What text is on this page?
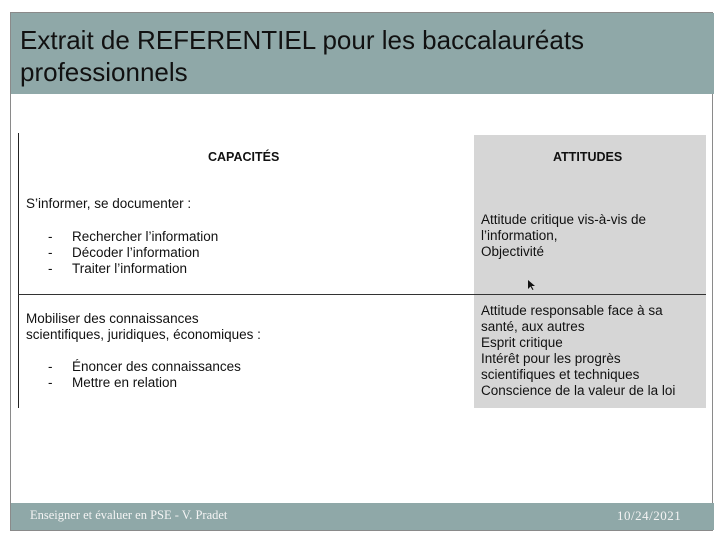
Extrait de REFERENTIEL pour les baccalauréats professionnels
CAPACITÉS	ATTITUDES
S’informer, se documenter :
- Rechercher l’information
- Décoder l’information
- Traiter l’information
Attitude critique vis-à-vis de
l’information,
Objectivité
Mobiliser des connaissances
scientifiques, juridiques, économiques :
- Énoncer des connaissances
- Mettre en relation
Attitude responsable face à sa
santé, aux autres
Esprit critique
Intérêt pour les progrès
scientifiques et techniques
Conscience de la valeur de la loi
Enseigner et évaluer en PSE - V. Pradet	10/24/2021
